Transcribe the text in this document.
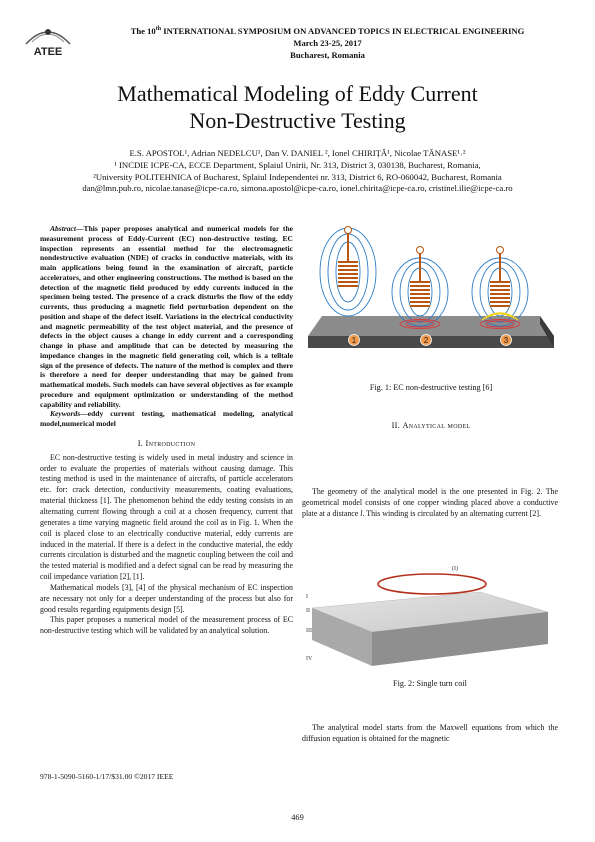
ATEE
The 10th INTERNATIONAL SYMPOSIUM ON ADVANCED TOPICS IN ELECTRICAL ENGINEERING
March 23-25, 2017
Bucharest, Romania
Mathematical Modeling of Eddy Current
Non-Destructive Testing
E.S. APOSTOL¹, Adrian NEDELCU¹, Dan V. DANIEL ², Ionel CHIRIȚĂ¹, Nicolae TĂNASE¹˒²
¹ INCDIE ICPE-CA, ECCE Department, Splaiul Unirii, Nr. 313, District 3, 030138, Bucharest, Romania,
²University POLITEHNICA of Bucharest, Splaiul Independentei nr. 313, District 6, RO-060042, Bucharest, Romania
dan@lmn.pub.ro, nicolae.tanase@icpe-ca.ro, simona.apostol@icpe-ca.ro, ionel.chirita@icpe-ca.ro, cristinel.ilie@icpe-ca.ro

Abstract—This paper proposes analytical and numerical models for the measurement process of Eddy-Current (EC) non-destructive testing. EC inspection represents an essential method for the electromagnetic nondestructive evaluation (NDE) of cracks in conductive materials, with its main applications being found in the examination of aircraft, particle accelerators, and other engineering constructions. The method is based on the detection of the magnetic field produced by eddy currents induced in the specimen being tested. The presence of a crack disturbs the flow of the eddy currents, thus producing a magnetic field perturbation dependent on the position and shape of the defect itself. Variations in the electrical conductivity and magnetic permeability of the test object material, and the presence of defects in the object causes a change in eddy current and a corresponding change in phase and amplitude that can be detected by measuring the impedance changes in the magnetic field generating coil, which is a telltale sign of the presence of defects. The nature of the method is complex and there is therefore a need for deeper understanding that may be gained from mathematical models. Such models can have several objectives as for example procedure and equipment optimization or understanding of the method capability and reliability.

Keywords—eddy current testing, mathematical modeling, analytical model,numerical model

I. Introduction

EC non-destructive testing is widely used in metal industry and science in order to evaluate the properties of materials without causing damage. This testing method is used in the maintenance of aircrafts, of particle accelerators etc. for: crack detection, conductivity measurements, coating evaluations, material thickness [1]. The phenomenon behind the eddy testing consists in an alternating current flowing through a coil at a chosen frequency, current that generates a time varying magnetic field around the coil as in Fig. 1. When the coil is placed close to an electrically conductive material, eddy currents are induced in the material. If there is a defect in the conductive material, the eddy currents circulation is disturbed and the magnetic coupling between the coil and the tested material is modified and a defect signal can be read by measuring the coil impedance variation [2], [1].

Mathematical models [3], [4] of the physical mechanism of EC inspection are necessary not only for a deeper understanding of the process but also for good results regarding equipments design [5].

This paper proposes a numerical model of the measurement process of EC non-destructive testing which will be validated by an analytical solution.

1	2	3
Fig. 1: EC non-destructive testing [6]
II. Analytical model

The geometry of the analytical model is the one presented in Fig. 2. The geometrical model consists of one copper winding placed above a conductive plate at a distance l. This winding is circulated by an alternating current [2].

(I)
I
II
III
IV
Fig. 2: Single turn coil

The analytical model starts from the Maxwell equations from which the diffusion equation is obtained for the magnetic

978-1-5090-5160-1/17/$31.00 ©2017 IEEE
469
